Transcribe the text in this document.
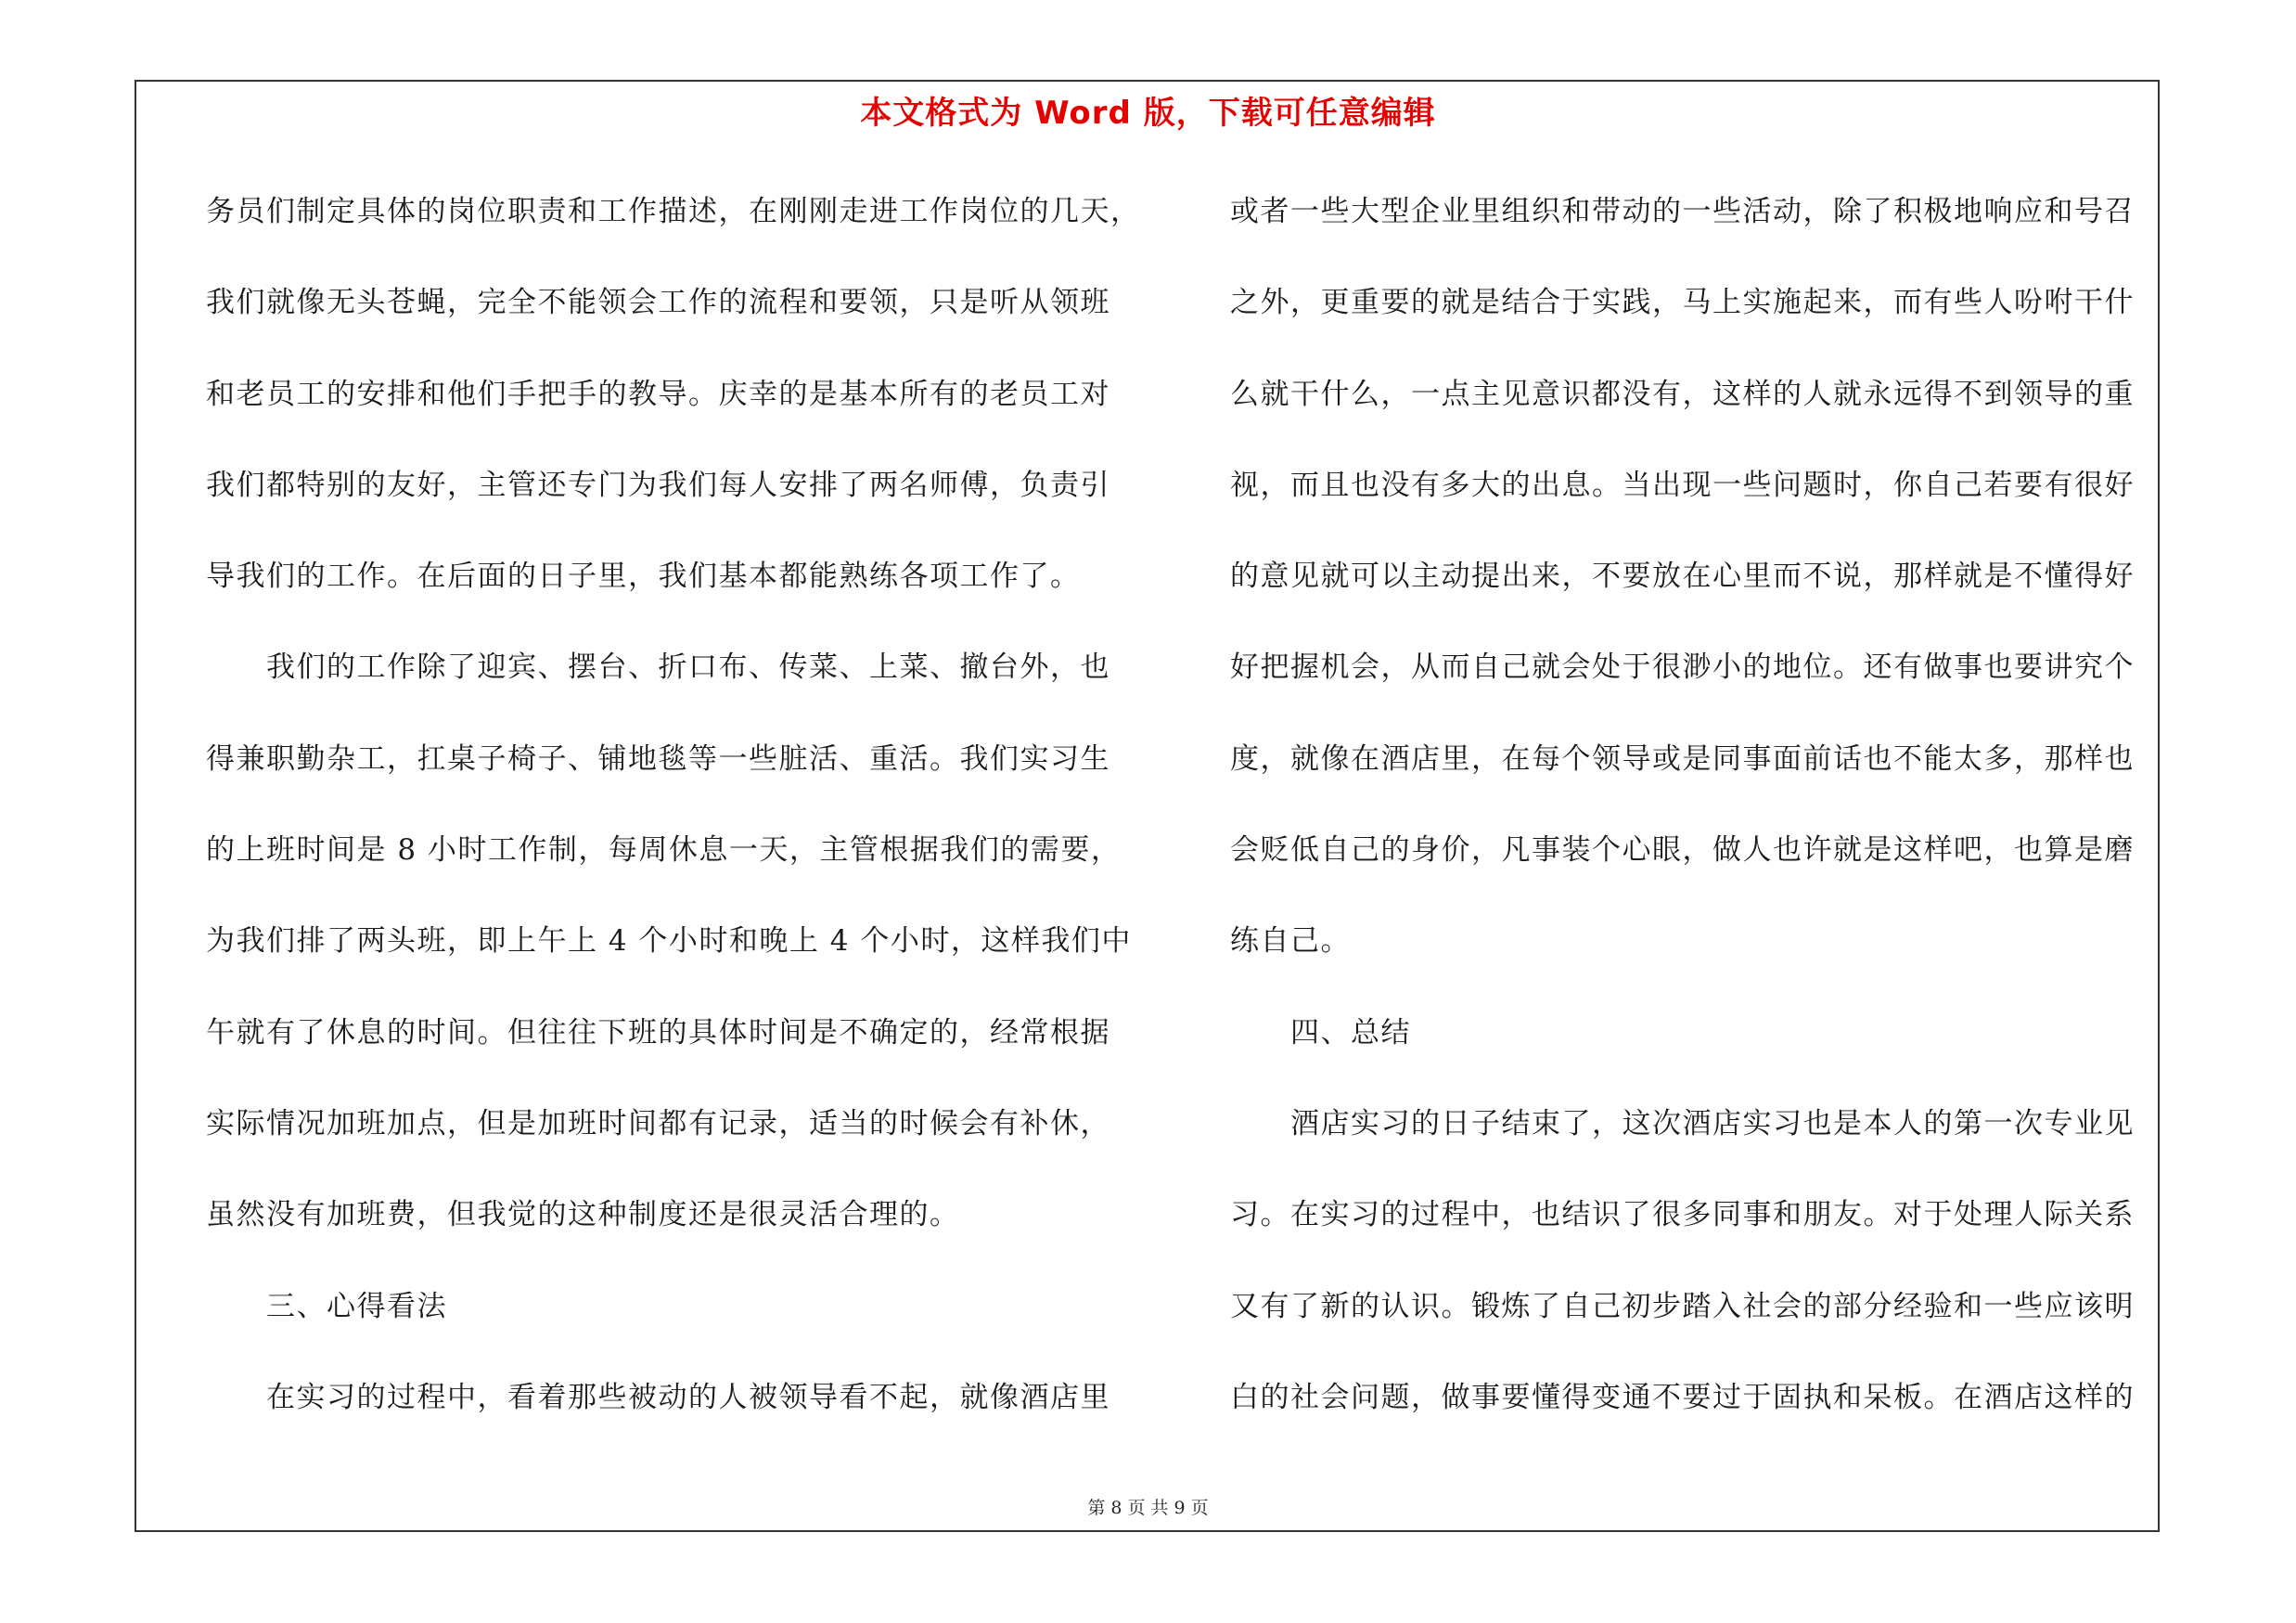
本文格式为 Word 版，下载可任意编辑
务员们制定具体的岗位职责和工作描述，在刚刚走进工作岗位的几天，
我们就像无头苍蝇，完全不能领会工作的流程和要领，只是听从领班
和老员工的安排和他们手把手的教导。庆幸的是基本所有的老员工对
我们都特别的友好，主管还专门为我们每人安排了两名师傅，负责引
导我们的工作。在后面的日子里，我们基本都能熟练各项工作了。
　　我们的工作除了迎宾、摆台、折口布、传菜、上菜、撤台外，也
得兼职勤杂工，扛桌子椅子、铺地毯等一些脏活、重活。我们实习生
的上班时间是 8 小时工作制，每周休息一天，主管根据我们的需要，
为我们排了两头班，即上午上 4 个小时和晚上 4 个小时，这样我们中
午就有了休息的时间。但往往下班的具体时间是不确定的，经常根据
实际情况加班加点，但是加班时间都有记录，适当的时候会有补休，
虽然没有加班费，但我觉的这种制度还是很灵活合理的。
　　三、心得看法
　　在实习的过程中，看着那些被动的人被领导看不起，就像酒店里
或者一些大型企业里组织和带动的一些活动，除了积极地响应和号召
之外，更重要的就是结合于实践，马上实施起来，而有些人吩咐干什
么就干什么，一点主见意识都没有，这样的人就永远得不到领导的重
视，而且也没有多大的出息。当出现一些问题时，你自己若要有很好
的意见就可以主动提出来，不要放在心里而不说，那样就是不懂得好
好把握机会，从而自己就会处于很渺小的地位。还有做事也要讲究个
度，就像在酒店里，在每个领导或是同事面前话也不能太多，那样也
会贬低自己的身价，凡事装个心眼，做人也许就是这样吧，也算是磨
练自己。
　　四、总结
　　酒店实习的日子结束了，这次酒店实习也是本人的第一次专业见
习。在实习的过程中，也结识了很多同事和朋友。对于处理人际关系
又有了新的认识。锻炼了自己初步踏入社会的部分经验和一些应该明
白的社会问题，做事要懂得变通不要过于固执和呆板。在酒店这样的
第 8 页 共 9 页
